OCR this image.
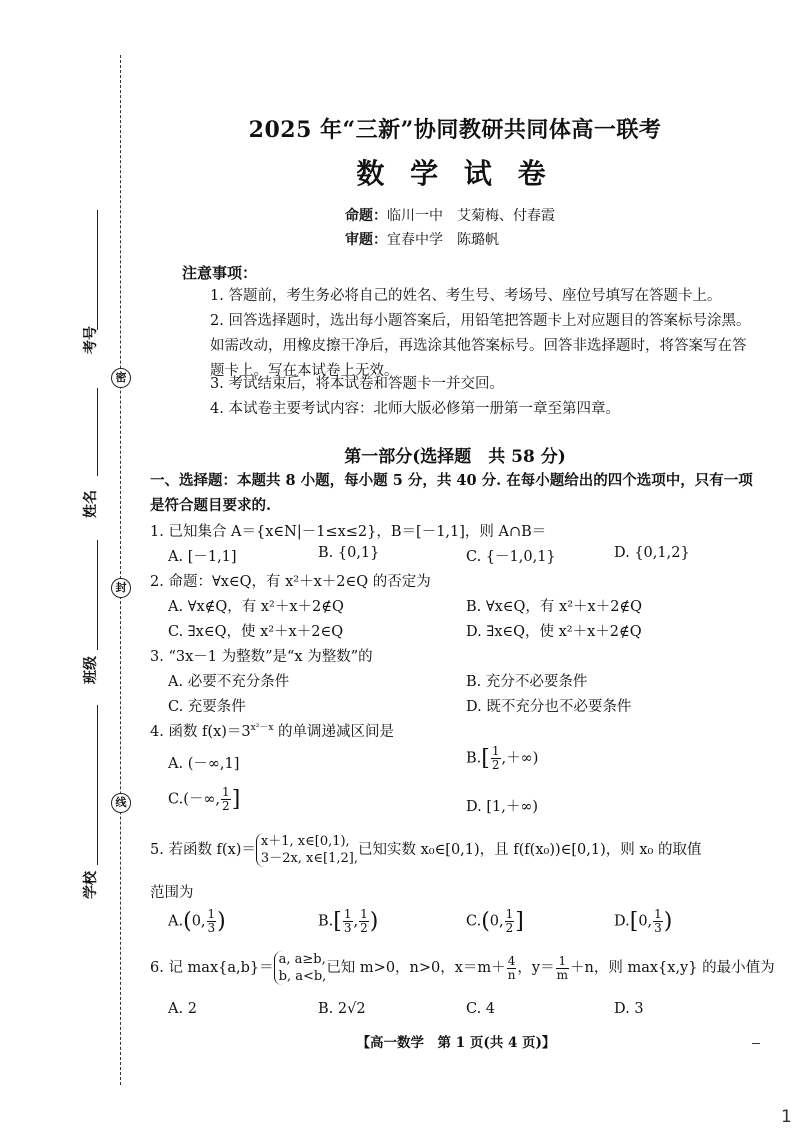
密
封
线
考号
姓名
班级
学校
2025 年“三新”协同教研共同体高一联考
数 学 试 卷
命题：临川一中　艾菊梅、付春霞
审题：宜春中学　陈璐帆
注意事项：
1. 答题前，考生务必将自己的姓名、考生号、考场号、座位号填写在答题卡上。
2. 回答选择题时，选出每小题答案后，用铅笔把答题卡上对应题目的答案标号涂黑。如需改动，用橡皮擦干净后，再选涂其他答案标号。回答非选择题时，将答案写在答题卡上。写在本试卷上无效。
3. 考试结束后，将本试卷和答题卡一并交回。
4. 本试卷主要考试内容：北师大版必修第一册第一章至第四章。
第一部分(选择题　共 58 分)
一、选择题：本题共 8 小题，每小题 5 分，共 40 分. 在每小题给出的四个选项中，只有一项是符合题目要求的.
1. 已知集合 A＝{x∈N|－1≤x≤2}，B＝[－1,1]，则 A∩B＝
A. [－1,1]	B. {0,1}	C. {－1,0,1}	D. {0,1,2}
2. 命题：∀x∈Q，有 x²＋x＋2∈Q 的否定为
A. ∀x∉Q，有 x²＋x＋2∉Q	B. ∀x∈Q，有 x²＋x＋2∉Q
C. ∃x∈Q，使 x²＋x＋2∈Q	D. ∃x∈Q，使 x²＋x＋2∉Q
3. “3x－1 为整数”是“x 为整数”的
A. 必要不充分条件	B. 充分不必要条件
C. 充要条件	D. 既不充分也不必要条件
4. 函数 $f(x)=3^{x^2-x}$ 的单调递减区间是
A. (－∞,1]	$B.[ \frac{1}{2}$ ,＋∞)
C.(－∞, $\frac{1}{2}$ ]	D. [1,＋∞)
5. 若函数 f(x)＝
x＋1, x∈[0,1),
3－2x, x∈[1,2],
已知实数 x₀∈[0,1)，且 f(f(x₀))∈[0,1)，则 x₀ 的取值
范围为
A.(0, $\frac{1}{3}$ )	$B.[ \frac{1}{3}$ , $\frac{1}{2}$ )	C.(0, $\frac{1}{2}$ ]	D.[0, $\frac{1}{3}$ )
6. 记 max{a,b}＝
a, a≥b,
b, a<b,
已知 m>0，n>0，$x=m+ \frac{4}{n}$ ，$y= \frac{1}{m} +n$，则 max{x,y} 的最小值为
A. 2	B. 2√2	C. 4	D. 3
【高一数学　第 1 页(共 4 页)】
1
